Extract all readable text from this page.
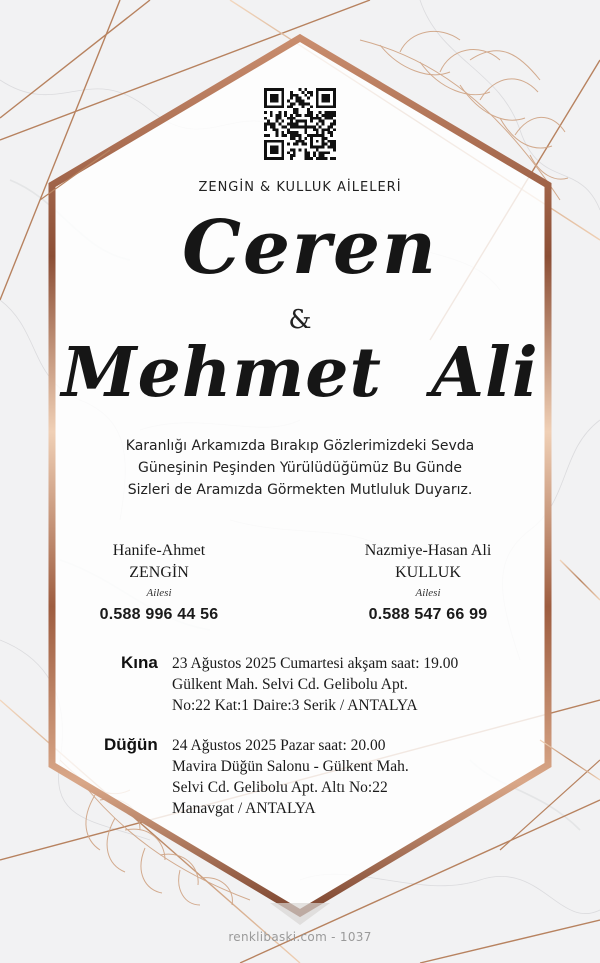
ZENGİN & KULLUK AİLELERİ
Ceren
&
Mehmet  Ali
Karanlığı Arkamızda Bırakıp Gözlerimizdeki Sevda
Güneşinin Peşinden Yürülüdüğümüz Bu Günde
Sizleri de Aramızda Görmekten Mutluluk Duyarız.
Hanife-Ahmet
ZENGİN
Ailesi
0.588 996 44 56
Nazmiye-Hasan Ali
KULLUK
Ailesi
0.588 547 66 99
Kına 23 Ağustos 2025 Cumartesi akşam saat: 19.00
Gülkent Mah. Selvi Cd. Gelibolu Apt.
No:22 Kat:1 Daire:3 Serik / ANTALYA
Düğün 24 Ağustos 2025 Pazar saat: 20.00
Mavira Düğün Salonu - Gülkent Mah.
Selvi Cd. Gelibolu Apt. Altı No:22
Manavgat / ANTALYA
renklibaski.com - 1037
